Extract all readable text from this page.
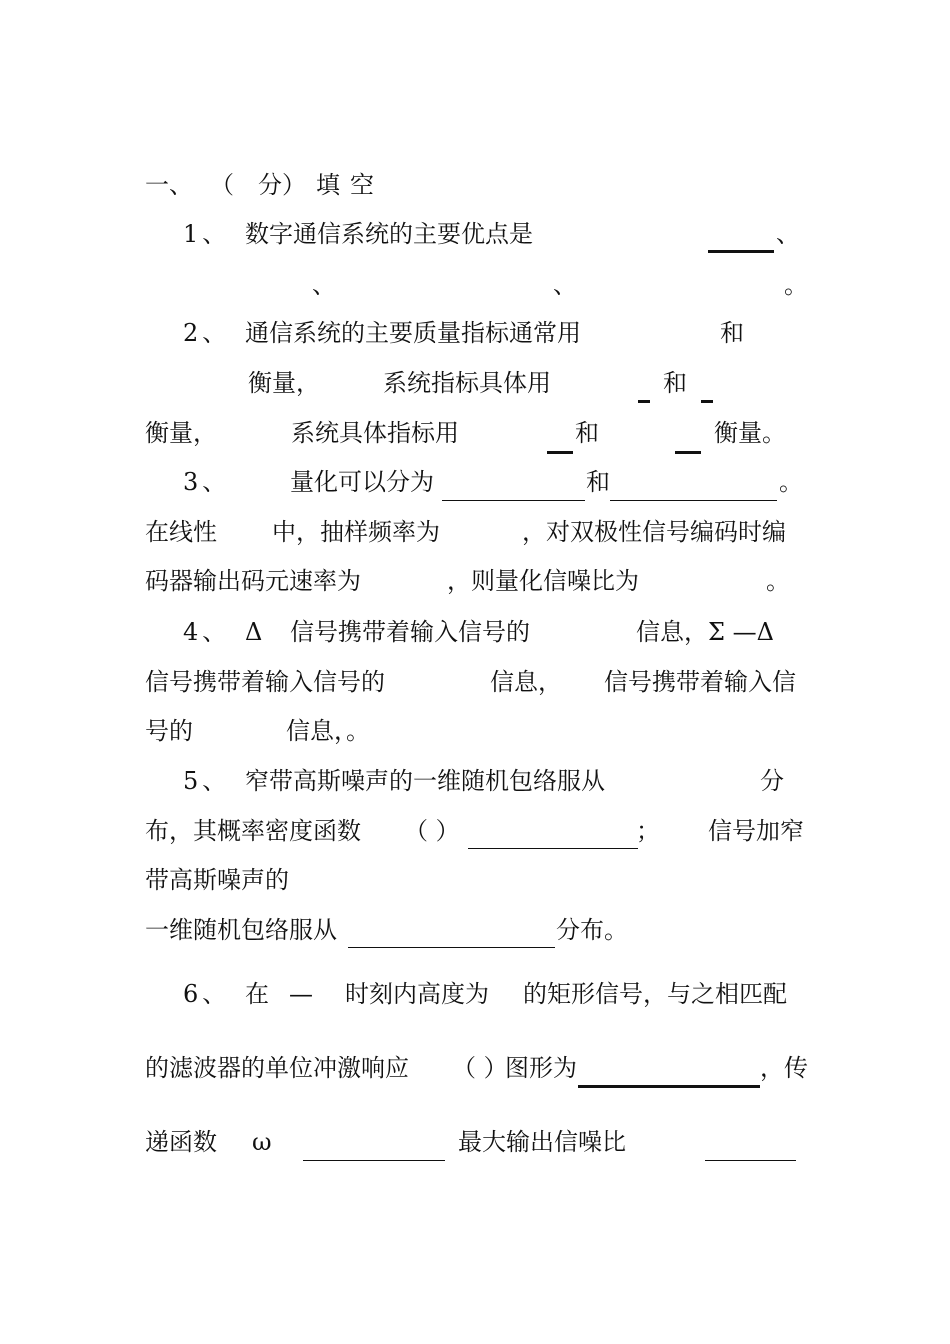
一、 （ 分） 填 空
1、 数字通信系统的主要优点是	、
、	、	。
2、 通信系统的主要质量指标通常用	和
衡量，	系统指标具体用	和
衡量，	系统具体指标用	和	衡量。
3、 量化可以分为	和	。
在线性 中，抽样频率为	，对双极性信号编码时编
码器输出码元速率为	，则量化信噪比为	。
4、 Δ 信号携带着输入信号的	信息，Σ —Δ
信号携带着输入信号的	信息， 信号携带着输入信
号的	信息，。
5、 窄带高斯噪声的一维随机包络服从	分
布，其概率密度函数 （ ）	； 信号加窄
带高斯噪声的
一维随机包络服从	分布。
6、 在 — 时刻内高度为 的矩形信号，与之相匹配
的滤波器的单位冲激响应 （ ）
图形为	，传
递函数 ω	最大输出信噪比
